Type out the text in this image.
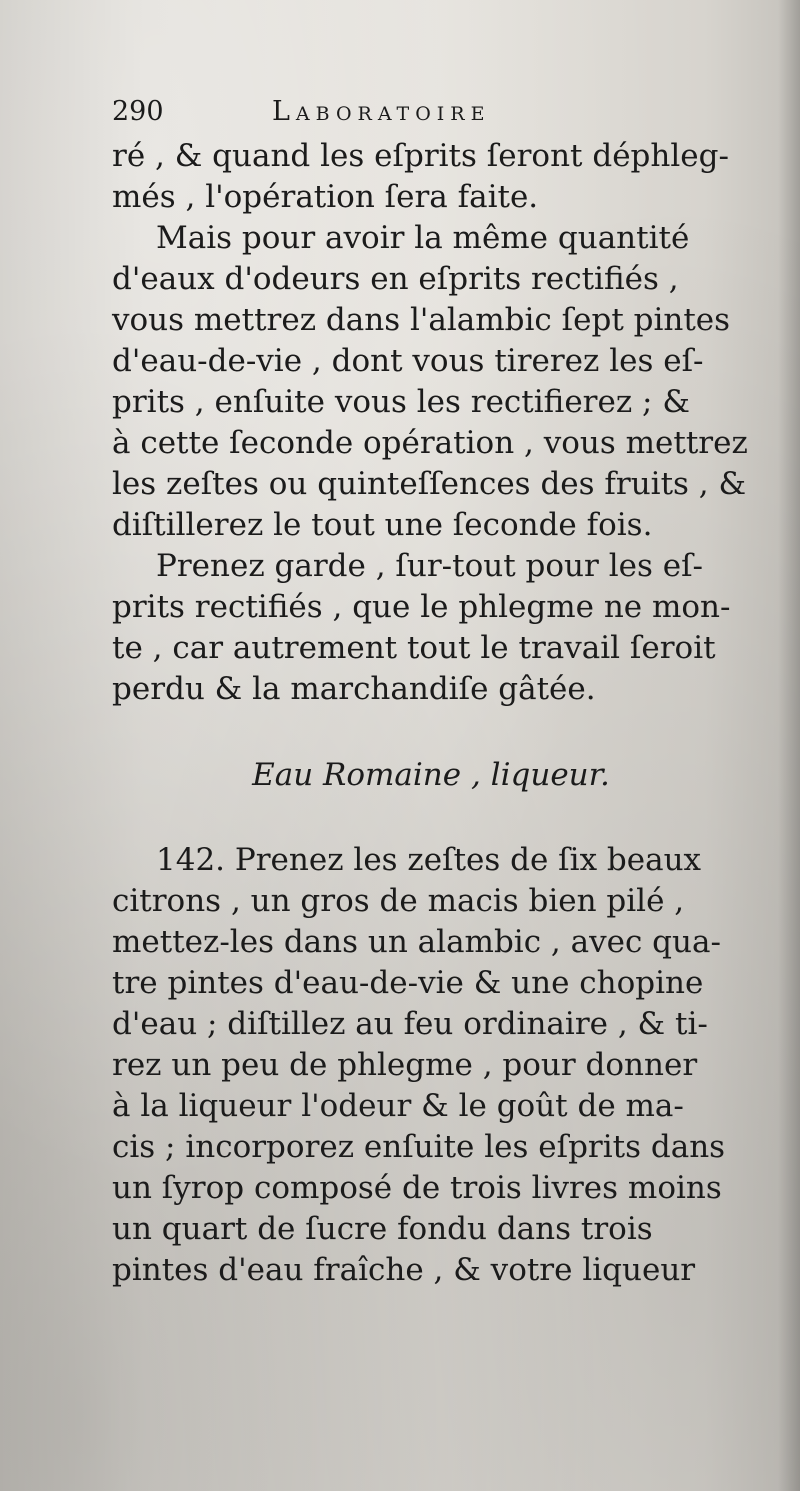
290	Laboratoire

ré , & quand les eſprits ſeront déphleg-
més , l'opération ſera faite.

Mais pour avoir la même quantité
d'eaux d'odeurs en eſprits rectifiés ,
vous mettrez dans l'alambic ſept pintes
d'eau-de-vie , dont vous tirerez les eſ-
prits , enſuite vous les rectifierez ; &
à cette ſeconde opération , vous mettrez
les zeſtes ou quinteſſences des fruits , &
diſtillerez le tout une ſeconde fois.

Prenez garde , ſur-tout pour les eſ-
prits rectifiés , que le phlegme ne mon-
te , car autrement tout le travail ſeroit
perdu & la marchandiſe gâtée.

Eau Romaine , liqueur.

142. Prenez les zeſtes de ſix beaux
citrons , un gros de macis bien pilé ,
mettez-les dans un alambic , avec qua-
tre pintes d'eau-de-vie & une chopine
d'eau ; diſtillez au feu ordinaire , & ti-
rez un peu de phlegme , pour donner
à la liqueur l'odeur & le goût de ma-
cis ; incorporez enſuite les eſprits dans
un ſyrop composé de trois livres moins
un quart de ſucre fondu dans trois
pintes d'eau fraîche , & votre liqueur
